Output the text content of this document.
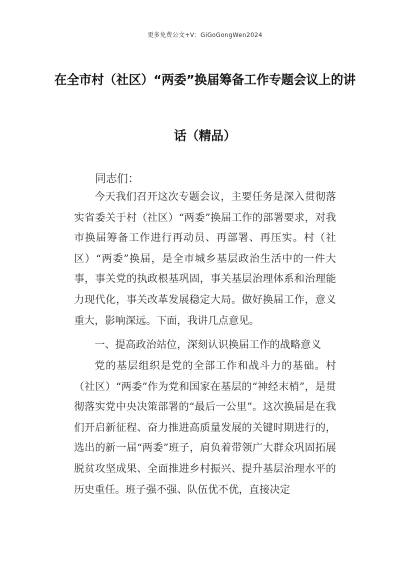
更多免费公文+V：GiGoGongWen2024
在全市村（社区）“两委”换届筹备工作专题会议上的讲
话（精品）
同志们：

今天我们召开这次专题会议，主要任务是深入贯彻落实省委关于村（社区）“两委”换届工作的部署要求，对我市换届筹备工作进行再动员、再部署、再压实。村（社区）“两委”换届，是全市城乡基层政治生活中的一件大事，事关党的执政根基巩固，事关基层治理体系和治理能力现代化，事关改革发展稳定大局。做好换届工作，意义重大，影响深远。下面，我讲几点意见。

一、提高政治站位，深刻认识换届工作的战略意义

党的基层组织是党的全部工作和战斗力的基础。村（社区）“两委”作为党和国家在基层的“神经末梢”，是贯彻落实党中央决策部署的“最后一公里”。这次换届是在我们开启新征程、奋力推进高质量发展的关键时期进行的，选出的新一届“两委”班子，肩负着带领广大群众巩固拓展脱贫攻坚成果、全面推进乡村振兴、提升基层治理水平的历史重任。班子强不强、队伍优不优，直接决定
